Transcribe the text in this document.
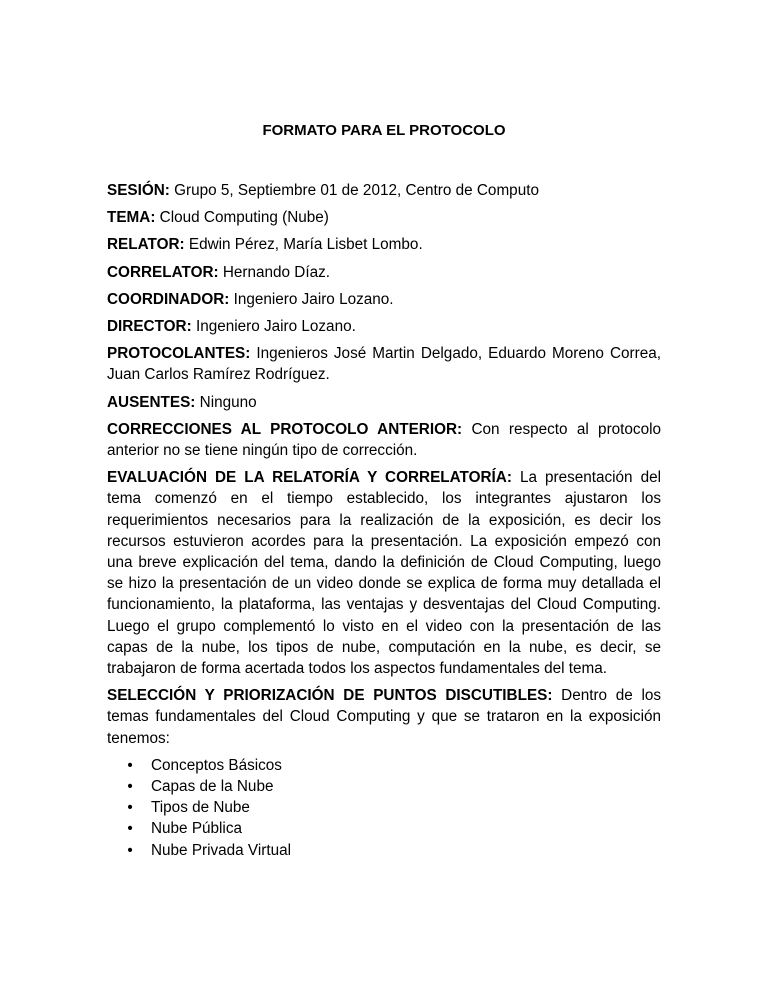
FORMATO PARA EL PROTOCOLO

SESIÓN: Grupo 5, Septiembre 01 de 2012, Centro de Computo

TEMA: Cloud Computing (Nube)

RELATOR: Edwin Pérez, María Lisbet Lombo.

CORRELATOR: Hernando Díaz.

COORDINADOR: Ingeniero Jairo Lozano.

DIRECTOR: Ingeniero Jairo Lozano.

PROTOCOLANTES: Ingenieros José Martin Delgado, Eduardo Moreno Correa, Juan Carlos Ramírez Rodríguez.

AUSENTES: Ninguno

CORRECCIONES AL PROTOCOLO ANTERIOR: Con respecto al protocolo anterior no se tiene ningún tipo de corrección.

EVALUACIÓN DE LA RELATORÍA Y CORRELATORÍA: La presentación del tema comenzó en el tiempo establecido, los integrantes ajustaron los requerimientos necesarios para la realización de la exposición, es decir los recursos estuvieron acordes para la presentación. La exposición empezó con una breve explicación del tema, dando la definición de Cloud Computing, luego se hizo la presentación de un video donde se explica de forma muy detallada el funcionamiento, la plataforma, las ventajas y desventajas del Cloud Computing. Luego el grupo complementó lo visto en el video con la presentación de las capas de la nube, los tipos de nube, computación en la nube, es decir, se trabajaron de forma acertada todos los aspectos fundamentales del tema.

SELECCIÓN Y PRIORIZACIÓN DE PUNTOS DISCUTIBLES: Dentro de los temas fundamentales del Cloud Computing y que se trataron en la exposición tenemos:

• Conceptos Básicos
• Capas de la Nube
• Tipos de Nube
• Nube Pública
• Nube Privada Virtual
